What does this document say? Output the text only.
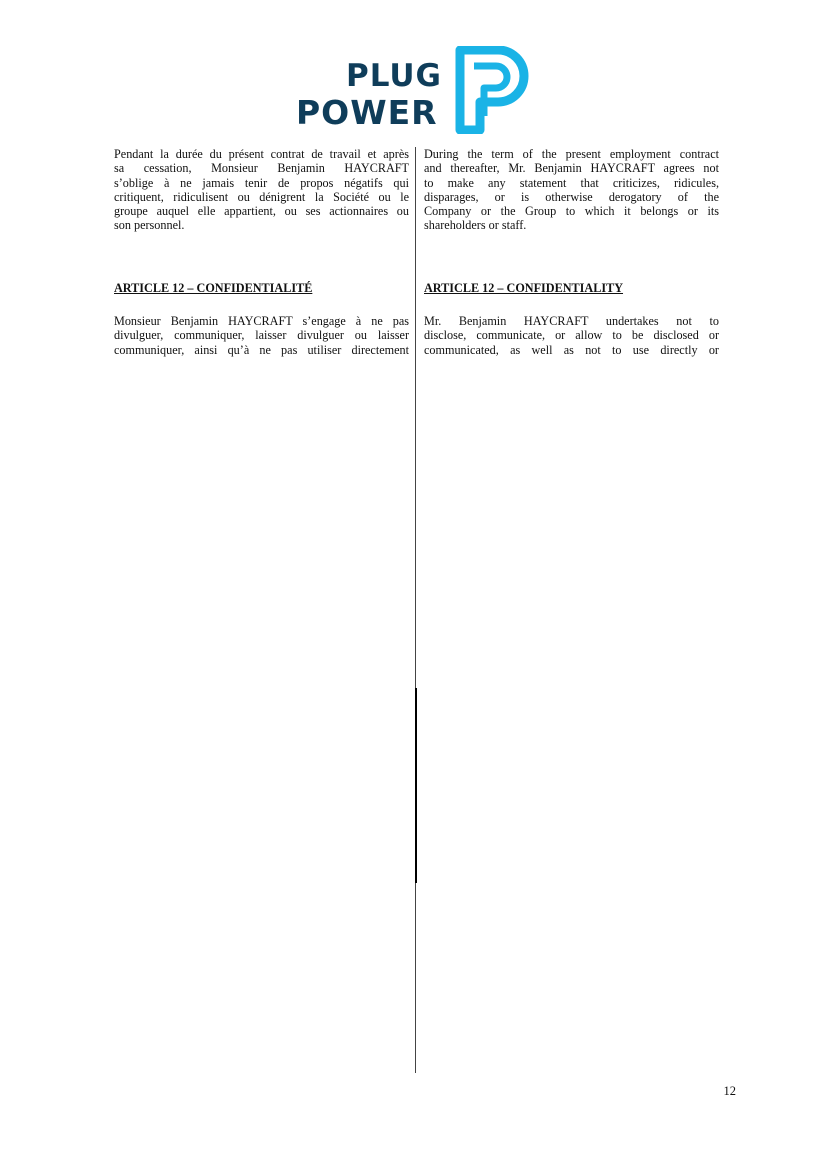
PLUG
POWER
Pendant la durée du présent contrat de travail et après
sa cessation, Monsieur Benjamin HAYCRAFT
s’oblige à ne jamais tenir de propos négatifs qui
critiquent, ridiculisent ou dénigrent la Société ou le
groupe auquel elle appartient, ou ses actionnaires ou
son personnel.
ARTICLE 12 – CONFIDENTIALITÉ
Monsieur Benjamin HAYCRAFT s’engage à ne pas
divulguer, communiquer, laisser divulguer ou laisser
communiquer, ainsi qu’à ne pas utiliser directement
During the term of the present employment contract
and thereafter, Mr. Benjamin HAYCRAFT agrees not
to make any statement that criticizes, ridicules,
disparages, or is otherwise derogatory of the
Company or the Group to which it belongs or its
shareholders or staff.
ARTICLE 12 – CONFIDENTIALITY
Mr. Benjamin HAYCRAFT undertakes not to
disclose, communicate, or allow to be disclosed or
communicated, as well as not to use directly or
12
